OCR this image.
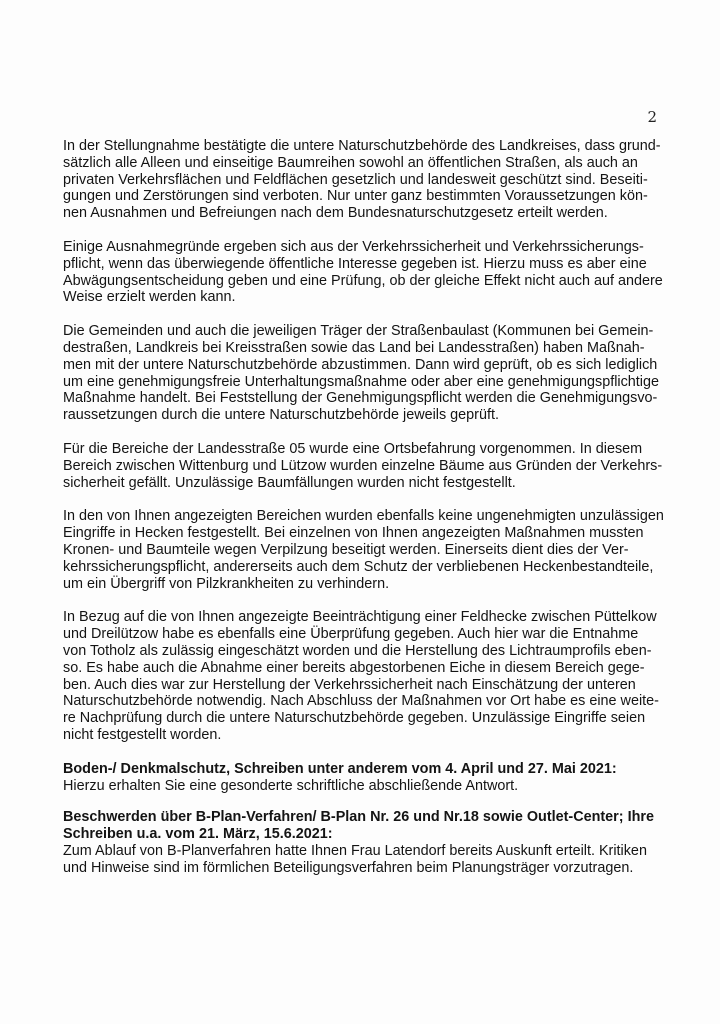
2
In der Stellungnahme bestätigte die untere Naturschutzbehörde des Landkreises, dass grund-
sätzlich alle Alleen und einseitige Baumreihen sowohl an öffentlichen Straßen, als auch an
privaten Verkehrsflächen und Feldflächen gesetzlich und landesweit geschützt sind. Beseiti-
gungen und Zerstörungen sind verboten. Nur unter ganz bestimmten Voraussetzungen kön-
nen Ausnahmen und Befreiungen nach dem Bundesnaturschutzgesetz erteilt werden.
Einige Ausnahmegründe ergeben sich aus der Verkehrssicherheit und Verkehrssicherungs-
pflicht, wenn das überwiegende öffentliche Interesse gegeben ist. Hierzu muss es aber eine
Abwägungsentscheidung geben und eine Prüfung, ob der gleiche Effekt nicht auch auf andere
Weise erzielt werden kann.
Die Gemeinden und auch die jeweiligen Träger der Straßenbaulast (Kommunen bei Gemein-
destraßen, Landkreis bei Kreisstraßen sowie das Land bei Landesstraßen) haben Maßnah-
men mit der untere Naturschutzbehörde abzustimmen. Dann wird geprüft, ob es sich lediglich
um eine genehmigungsfreie Unterhaltungsmaßnahme oder aber eine genehmigungspflichtige
Maßnahme handelt. Bei Feststellung der Genehmigungspflicht werden die Genehmigungsvo-
raussetzungen durch die untere Naturschutzbehörde jeweils geprüft.
Für die Bereiche der Landesstraße 05 wurde eine Ortsbefahrung vorgenommen. In diesem
Bereich zwischen Wittenburg und Lützow wurden einzelne Bäume aus Gründen der Verkehrs-
sicherheit gefällt. Unzulässige Baumfällungen wurden nicht festgestellt.
In den von Ihnen angezeigten Bereichen wurden ebenfalls keine ungenehmigten unzulässigen
Eingriffe in Hecken festgestellt. Bei einzelnen von Ihnen angezeigten Maßnahmen mussten
Kronen- und Baumteile wegen Verpilzung beseitigt werden. Einerseits dient dies der Ver-
kehrssicherungspflicht, andererseits auch dem Schutz der verbliebenen Heckenbestandteile,
um ein Übergriff von Pilzkrankheiten zu verhindern.
In Bezug auf die von Ihnen angezeigte Beeinträchtigung einer Feldhecke zwischen Püttelkow
und Dreilützow habe es ebenfalls eine Überprüfung gegeben. Auch hier war die Entnahme
von Totholz als zulässig eingeschätzt worden und die Herstellung des Lichtraumprofils eben-
so. Es habe auch die Abnahme einer bereits abgestorbenen Eiche in diesem Bereich gege-
ben. Auch dies war zur Herstellung der Verkehrssicherheit nach Einschätzung der unteren
Naturschutzbehörde notwendig. Nach Abschluss der Maßnahmen vor Ort habe es eine weite-
re Nachprüfung durch die untere Naturschutzbehörde gegeben. Unzulässige Eingriffe seien
nicht festgestellt worden.
Boden-/ Denkmalschutz, Schreiben unter anderem vom 4. April und 27. Mai 2021:
Hierzu erhalten Sie eine gesonderte schriftliche abschließende Antwort.
Beschwerden über B-Plan-Verfahren/ B-Plan Nr. 26 und Nr.18 sowie Outlet-Center; Ihre
Schreiben u.a. vom 21. März, 15.6.2021:
Zum Ablauf von B-Planverfahren hatte Ihnen Frau Latendorf bereits Auskunft erteilt. Kritiken
und Hinweise sind im förmlichen Beteiligungsverfahren beim Planungsträger vorzutragen.
